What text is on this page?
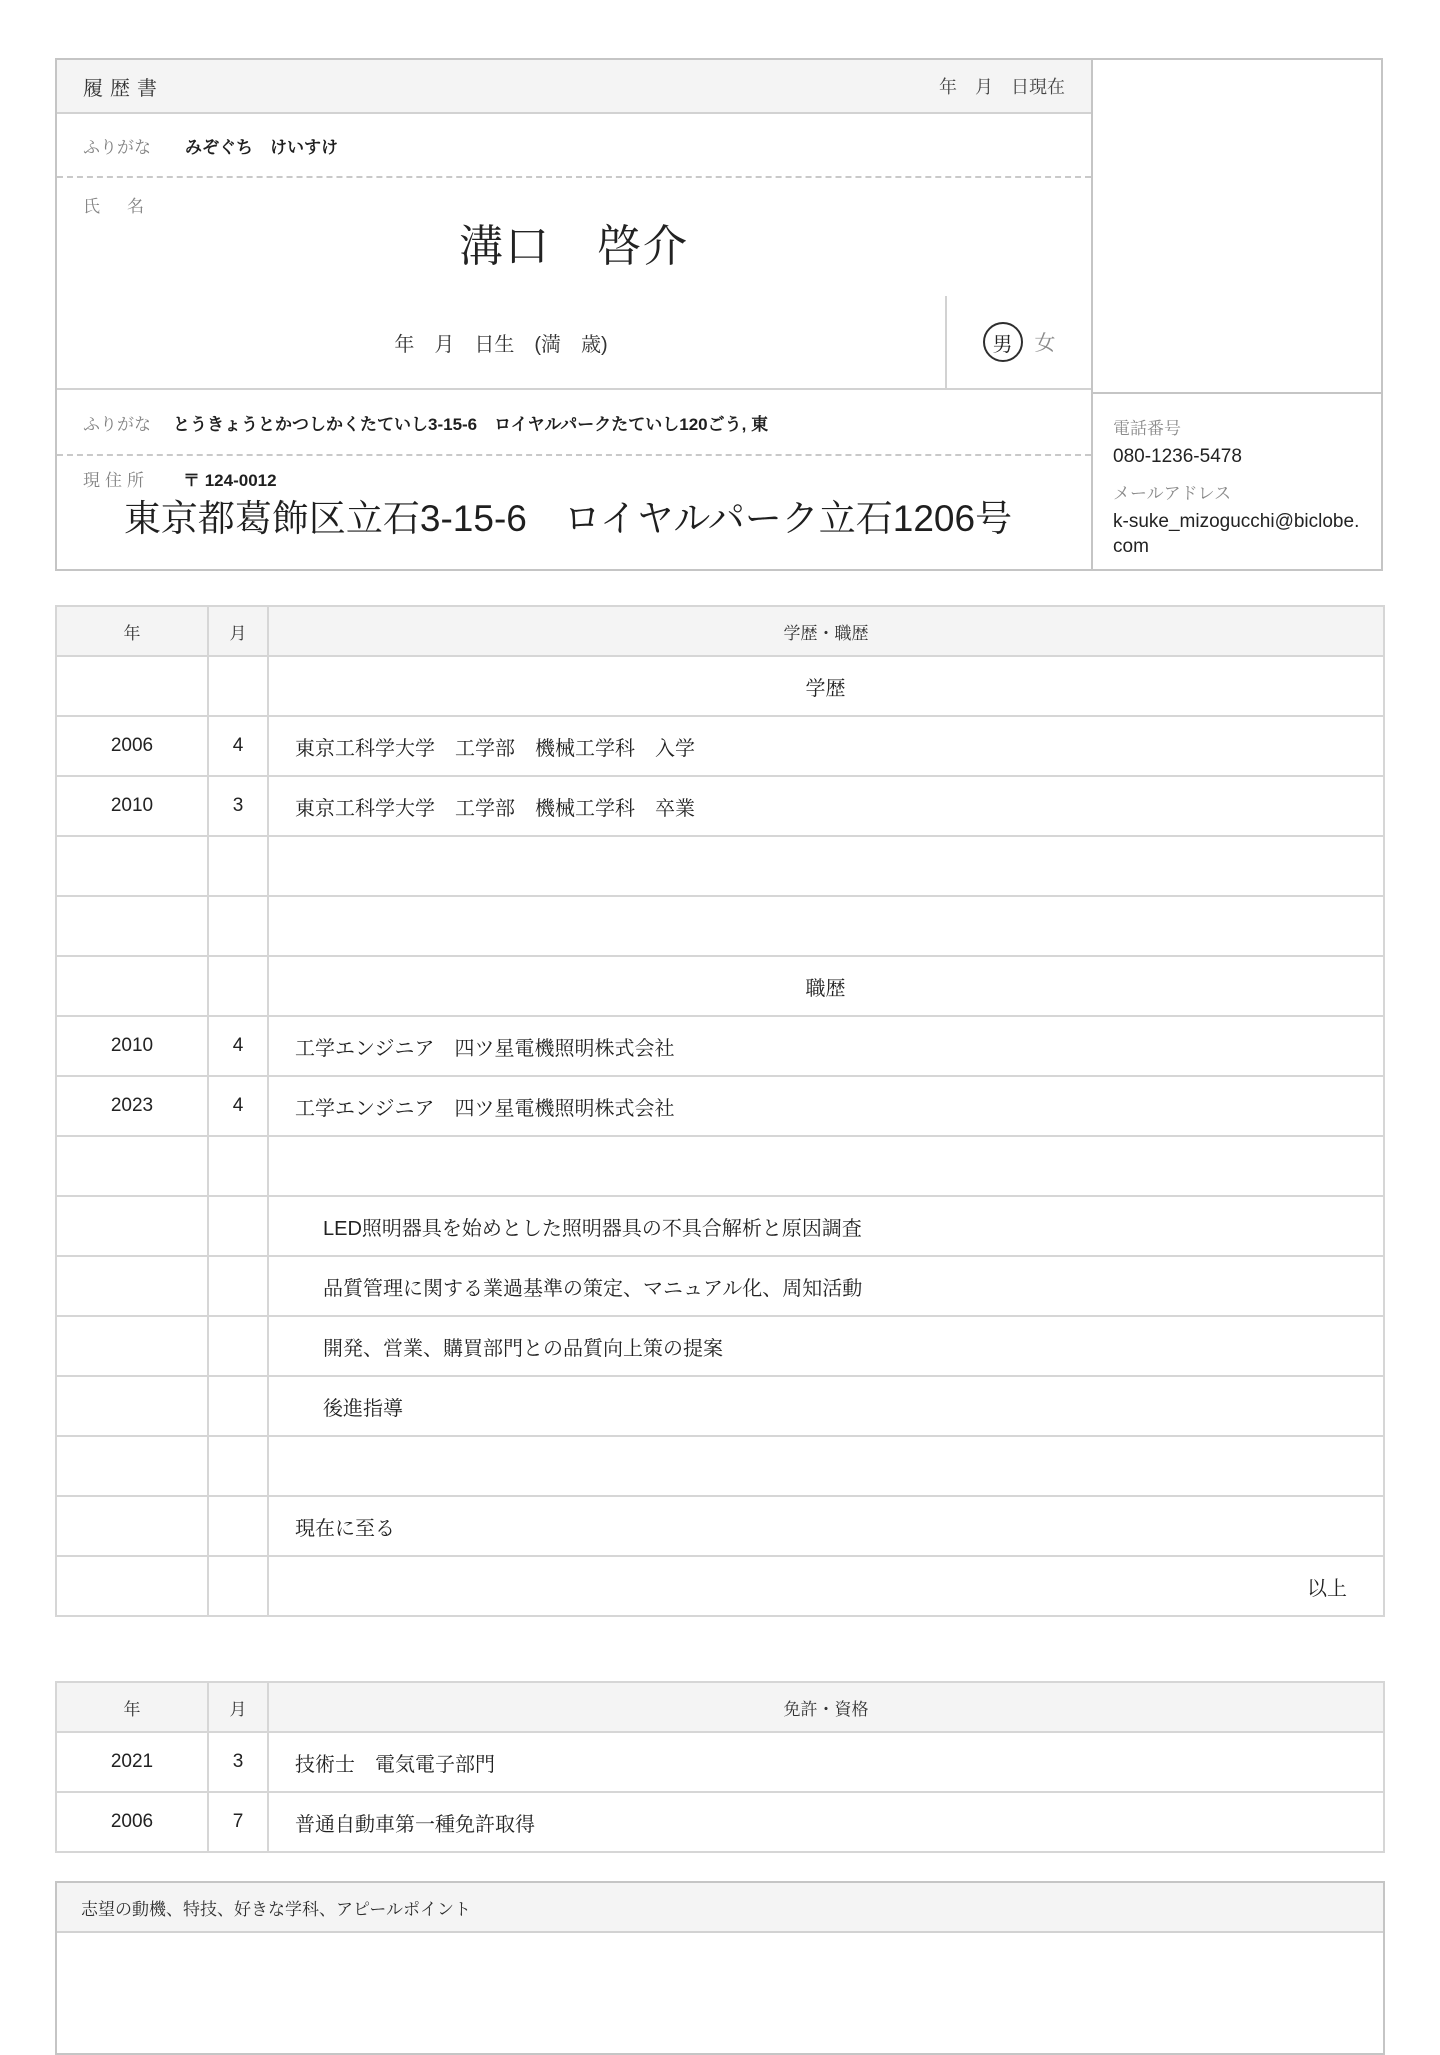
履歴書	年　月　日現在
ふりがな みぞぐち　けいすけ
氏　名
溝口　啓介
年　月　日生　(満　歳)	男	女
ふりがな とうきょうとかつしかくたていし3-15-6　ロイヤルパークたていし120ごう, 東
現住所 〒 124-0012
東京都葛飾区立石3-15-6　ロイヤルパーク立石1206号
電話番号
080-1236-5478
メールアドレス
k-suke_mizogucchi@biclobe.com
年	月	学歴・職歴
		学歴
2006	4	東京工科学大学　工学部　機械工学科　入学
2010	3	東京工科学大学　工学部　機械工学科　卒業

		職歴
2010	4	工学エンジニア　四ツ星電機照明株式会社
2023	4	工学エンジニア　四ツ星電機照明株式会社

		LED照明器具を始めとした照明器具の不具合解析と原因調査
		品質管理に関する業過基準の策定、マニュアル化、周知活動
		開発、営業、購買部門との品質向上策の提案
		後進指導

		現在に至る
		以上
年	月	免許・資格
2021	3	技術士　電気電子部門
2006	7	普通自動車第一種免許取得
志望の動機、特技、好きな学科、アピールポイント
